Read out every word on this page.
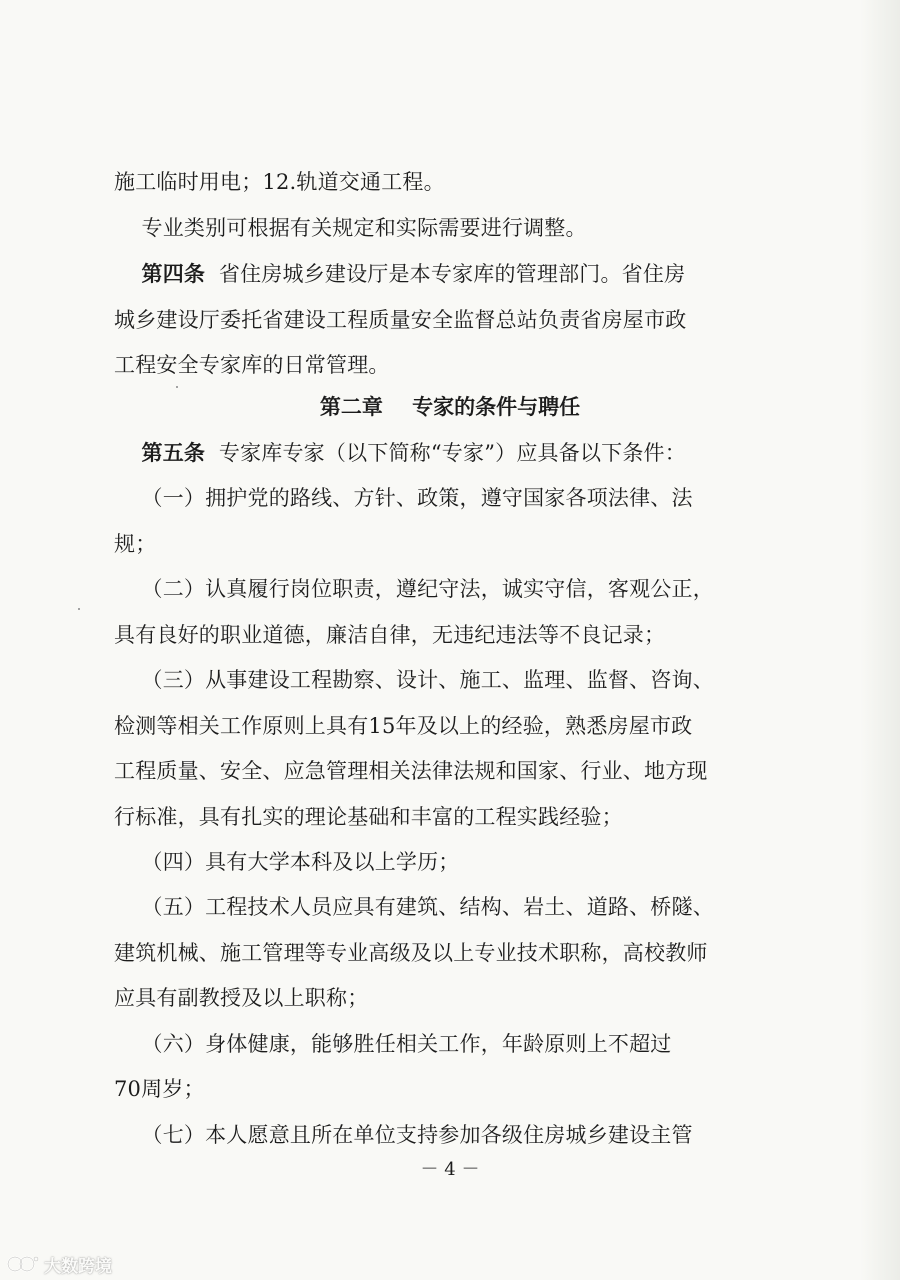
施工临时用电；12.轨道交通工程。
专业类别可根据有关规定和实际需要进行调整。
第四条  省住房城乡建设厅是本专家库的管理部门。省住房
城乡建设厅委托省建设工程质量安全监督总站负责省房屋市政
工程安全专家库的日常管理。
第二章    专家的条件与聘任
第五条  专家库专家（以下简称“专家”）应具备以下条件：
（一）拥护党的路线、方针、政策，遵守国家各项法律、法
规；
（二）认真履行岗位职责，遵纪守法，诚实守信，客观公正，
具有良好的职业道德，廉洁自律，无违纪违法等不良记录；
（三）从事建设工程勘察、设计、施工、监理、监督、咨询、
检测等相关工作原则上具有15年及以上的经验，熟悉房屋市政
工程质量、安全、应急管理相关法律法规和国家、行业、地方现
行标准，具有扎实的理论基础和丰富的工程实践经验；
（四）具有大学本科及以上学历；
（五）工程技术人员应具有建筑、结构、岩土、道路、桥隧、
建筑机械、施工管理等专业高级及以上专业技术职称，高校教师
应具有副教授及以上职称；
（六）身体健康，能够胜任相关工作，年龄原则上不超过
70周岁；
（七）本人愿意且所在单位支持参加各级住房城乡建设主管
－ 4 －
大数跨境
